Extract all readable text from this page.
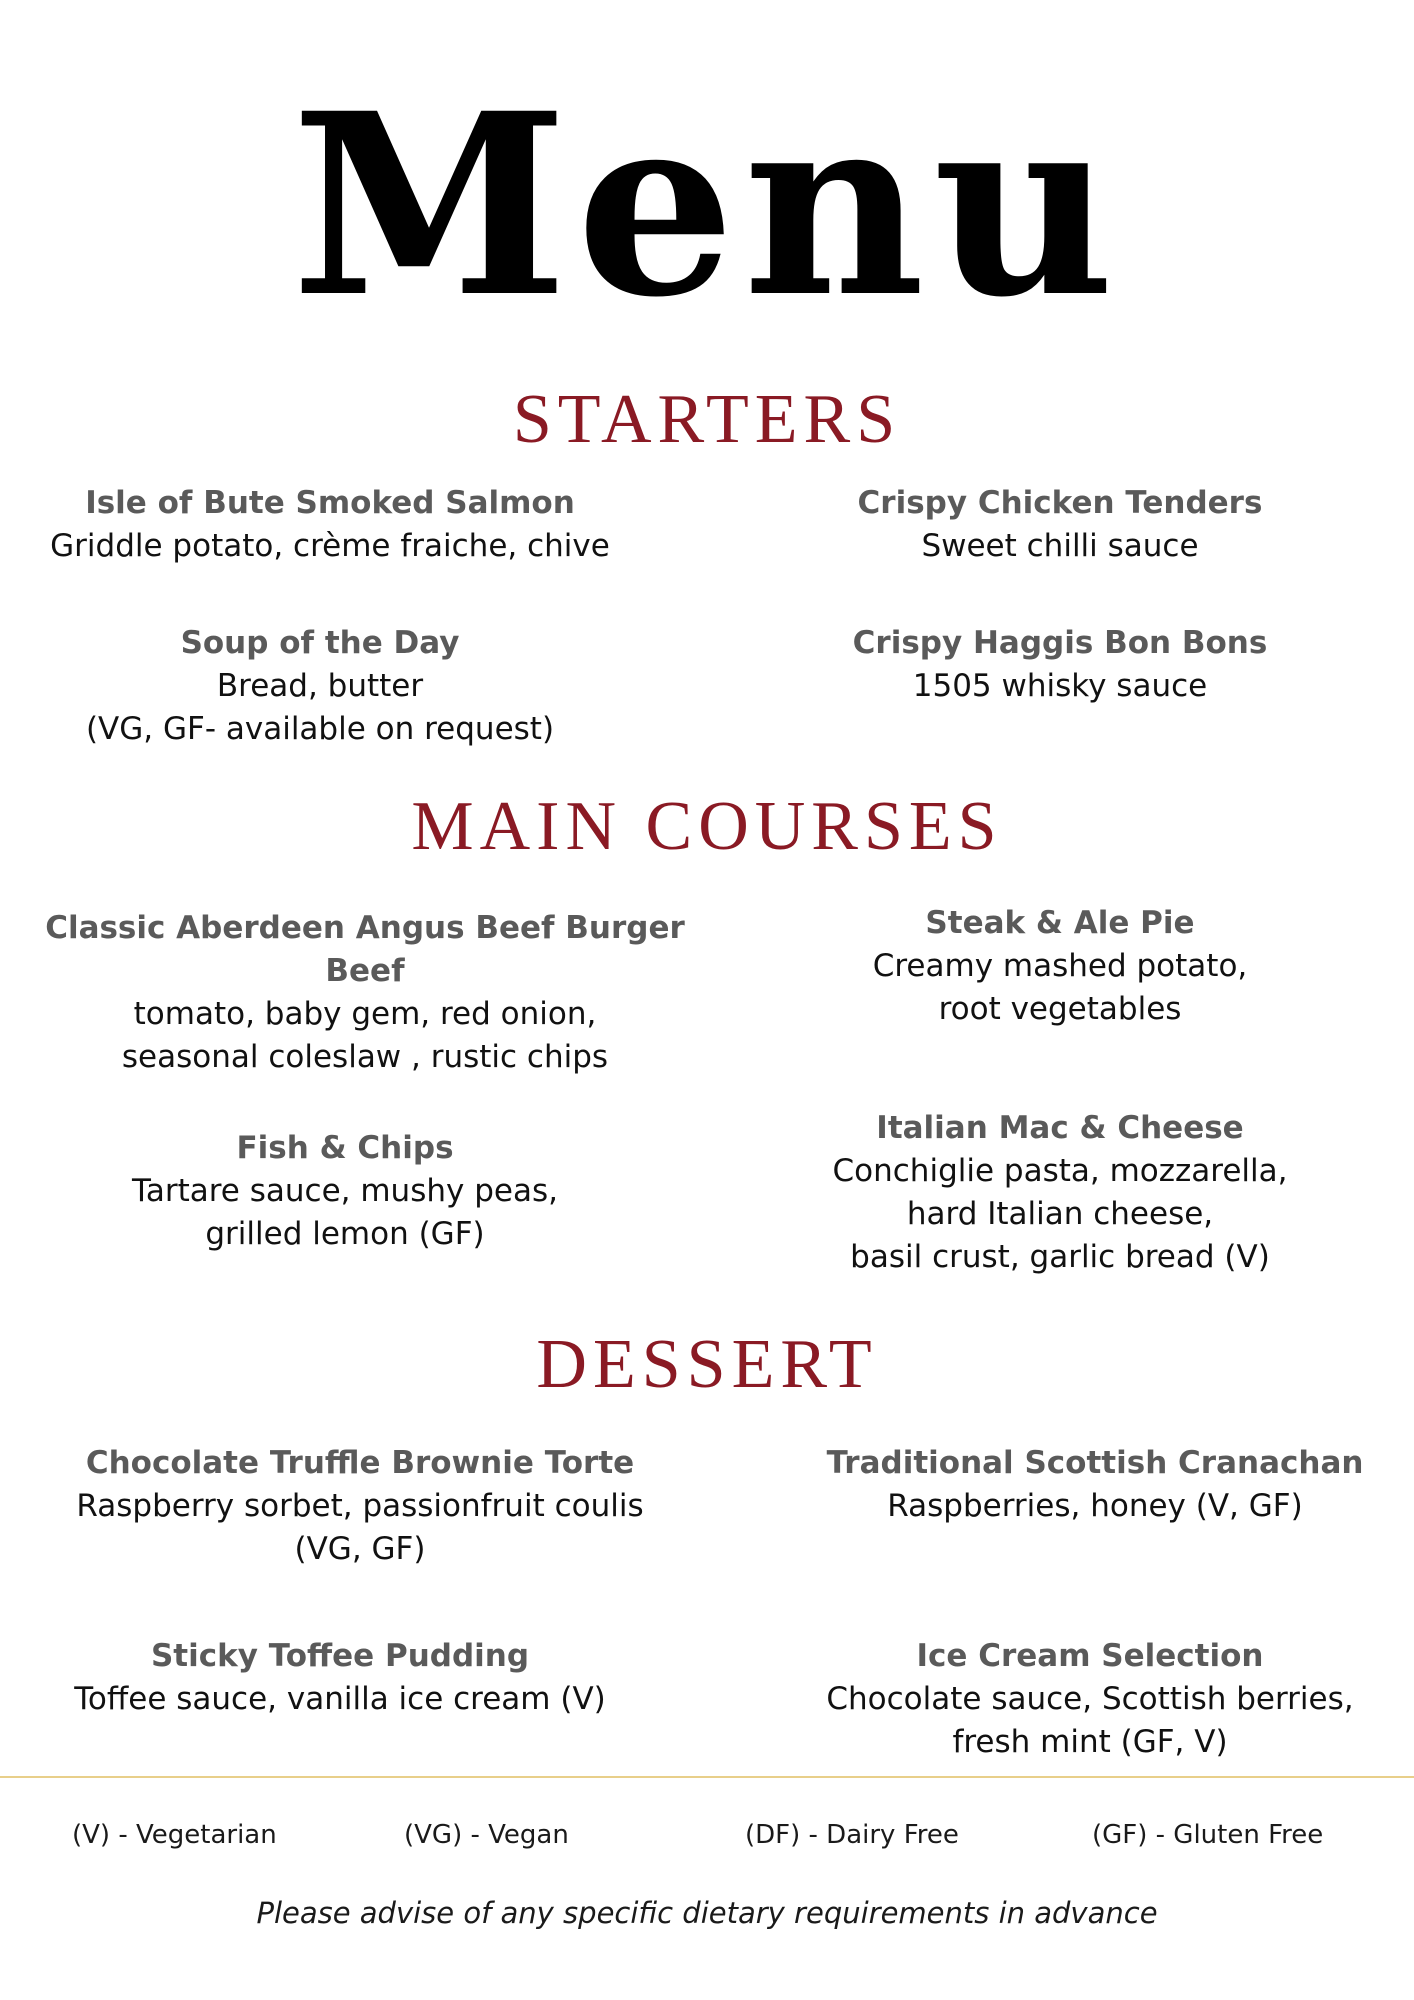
Menu
STARTERS
Isle of Bute Smoked Salmon
Griddle potato, crème fraiche, chive
Crispy Chicken Tenders
Sweet chilli sauce
Soup of the Day
Bread, butter
(VG, GF- available on request)
Crispy Haggis Bon Bons
1505 whisky sauce
MAIN COURSES
Classic Aberdeen Angus Beef Burger Beef
tomato, baby gem, red onion,
seasonal coleslaw , rustic chips
Steak & Ale Pie
Creamy mashed potato,
root vegetables
Fish & Chips
Tartare sauce, mushy peas,
grilled lemon (GF)
Italian Mac & Cheese
Conchiglie pasta, mozzarella,
hard Italian cheese,
basil crust, garlic bread (V)
DESSERT
Chocolate Truffle Brownie Torte
Raspberry sorbet, passionfruit coulis
(VG, GF)
Traditional Scottish Cranachan
Raspberries, honey (V, GF)
Sticky Toffee Pudding
Toffee sauce, vanilla ice cream (V)
Ice Cream Selection
Chocolate sauce, Scottish berries,
fresh mint (GF, V)
(V) - Vegetarian	(VG) - Vegan	(DF) - Dairy Free	(GF) - Gluten Free
Please advise of any specific dietary requirements in advance
